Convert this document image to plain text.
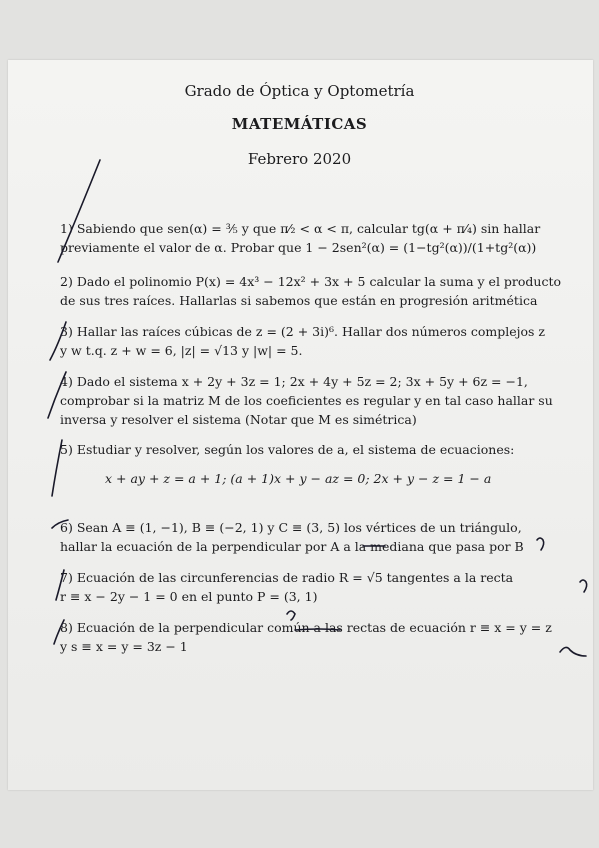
Grado de Óptica y Optometría
MATEMÁTICAS
Febrero 2020
1) Sabiendo que sen(α) = ³⁄₅ y que π⁄₂ < α < π, calcular tg(α + π⁄₄) sin hallar
previamente el valor de α. Probar que 1 − 2sen²(α) = (1−tg²(α))/(1+tg²(α))
2) Dado el polinomio P(x) = 4x³ − 12x² + 3x + 5 calcular la suma y el producto
de sus tres raíces. Hallarlas si sabemos que están en progresión aritmética
3) Hallar las raíces cúbicas de z = (2 + 3i)⁶. Hallar dos números complejos z
y w t.q. z + w = 6, |z| = √13 y |w| = 5.
4) Dado el sistema x + 2y + 3z = 1; 2x + 4y + 5z = 2; 3x + 5y + 6z = −1,
comprobar si la matriz M de los coeficientes es regular y en tal caso hallar su
inversa y resolver el sistema (Notar que M es simétrica)
5) Estudiar y resolver, según los valores de a, el sistema de ecuaciones:
x + ay + z = a + 1; (a + 1)x + y − az = 0; 2x + y − z = 1 − a
6) Sean A ≡ (1, −1), B ≡ (−2, 1) y C ≡ (3, 5) los vértices de un triángulo,
hallar la ecuación de la perpendicular por A a la mediana que pasa por B
7) Ecuación de las circunferencias de radio R = √5 tangentes a la recta
r ≡ x − 2y − 1 = 0 en el punto P = (3, 1)
8) Ecuación de la perpendicular común a las rectas de ecuación r ≡ x = y = z
y s ≡ x = y = 3z − 1
